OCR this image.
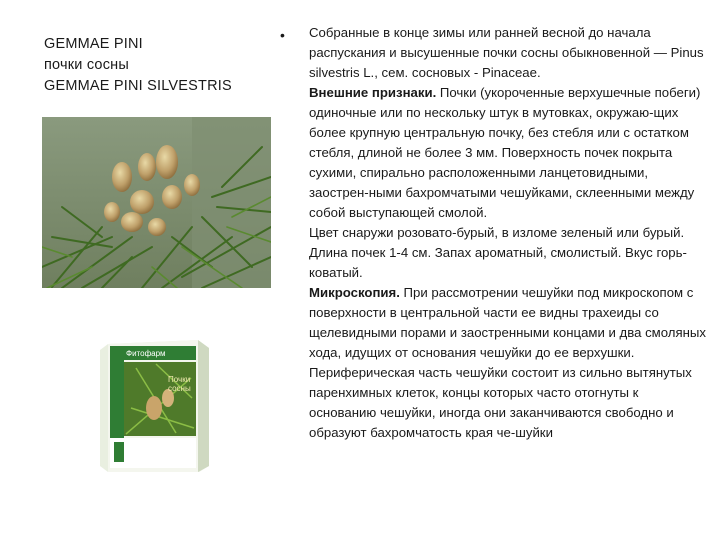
GEMMAE PINI
почки сосны
GEMMAE PINI SILVESTRIS
Фитофарм
Почки
сосны
• Собранные в конце зимы или ранней весной до начала распускания и высушенные почки сосны обыкновенной — Pinus silvestris L., сем. сосновых - Pinaceae.

Внешние признаки. Почки (укороченные верхушечные побеги) одиночные или по нескольку штук в мутовках, окружаю-щих более крупную центральную почку, без стебля или с остатком стебля, длиной не более 3 мм. Поверхность почек покрыта сухими, спирально расположенными ланцетовидными, заострен-ными бахромчатыми чешуйками, склеенными между собой выступающей смолой.

Цвет снаружи розовато-бурый, в изломе зеленый или бурый. Длина почек 1-4 см. Запах ароматный, смолистый. Вкус горь-коватый.

Микроскопия. При рассмотрении чешуйки под микроскопом с поверхности в центральной части ее видны трахеиды со щелевидными порами и заостренными концами и два смоляных хода, идущих от основания чешуйки до ее верхушки. Периферическая часть чешуйки состоит из сильно вытянутых паренхимных клеток, концы которых часто отогнуты к основанию чешуйки, иногда они заканчиваются свободно и образуют бахромчатость края че-шуйки
